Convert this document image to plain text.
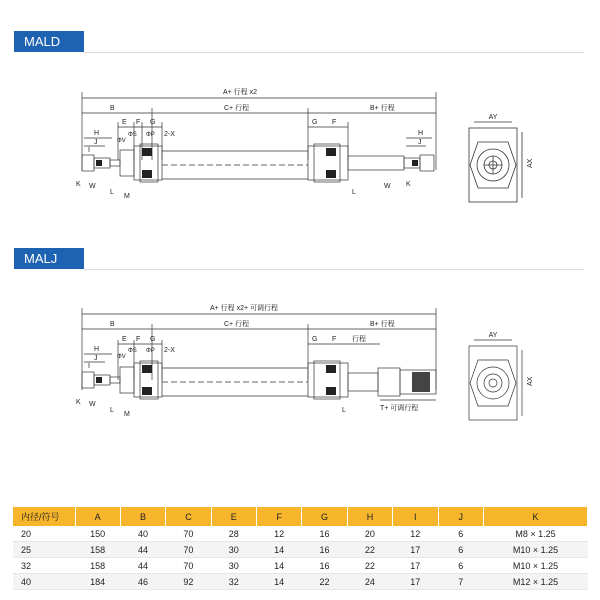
MALD
A+ 行程 x2
B	C+ 行程	B+ 行程
E F G
H
J
I
2-X
ΦV
ΦS ΦP
K W
L
M
G F
H
J
K
W
L
AY
AX
MALJ
A+ 行程 x2+ 可调行程
B	C+ 行程	B+ 行程
E F G
H
J
I
2-X
ΦV
ΦS ΦP
K W
L
M
G F 行程
T+ 可调行程
L
AY
AX
内径/符号	A	B	C	E	F	G	H	I	J	K
20	150	40	70	28	12	16	20	12	6	M8 × 1.25
25	158	44	70	30	14	16	22	17	6	M10 × 1.25
32	158	44	70	30	14	16	22	17	6	M10 × 1.25
40	184	46	92	32	14	22	24	17	7	M12 × 1.25
